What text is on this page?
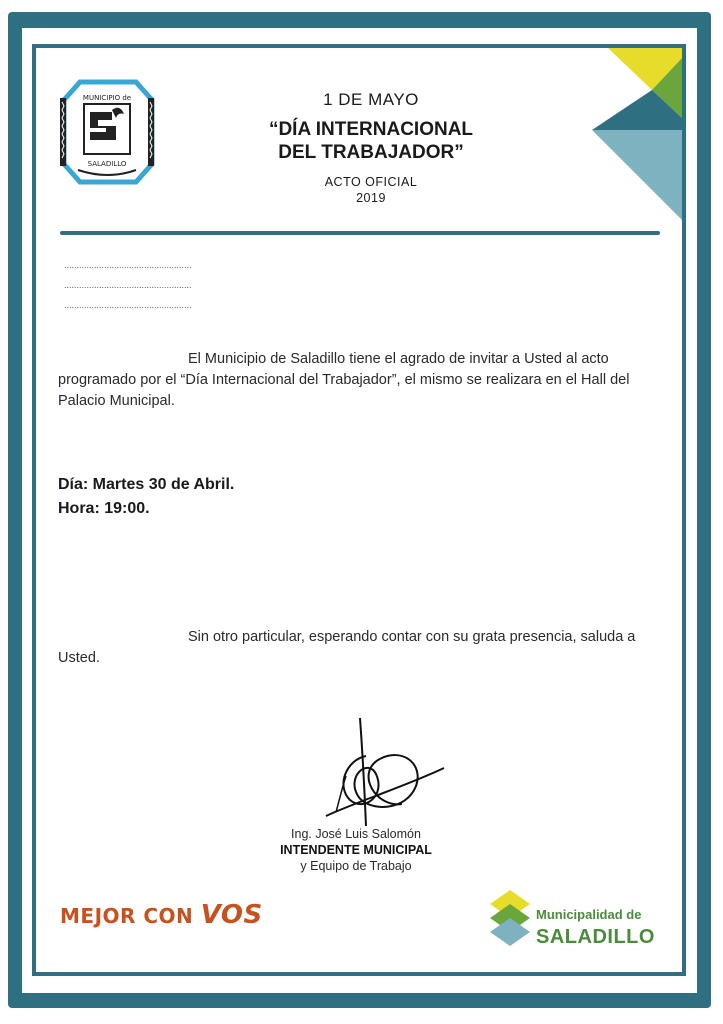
MUNICIPIO de
SALADILLO
1 DE MAYO
“DÍA INTERNACIONAL
DEL TRABAJADOR”
ACTO OFICIAL
2019
...................................................
...................................................
...................................................
El Municipio de Saladillo tiene el agrado de invitar a Usted al acto programado por el “Día Internacional del Trabajador”, el mismo se realizara en el Hall del Palacio Municipal.
Día: Martes 30 de Abril.
Hora: 19:00.
Sin otro particular, esperando contar con su grata presencia, saluda a Usted.
Ing. José Luis Salomón
INTENDENTE MUNICIPAL
y Equipo de Trabajo
MEJOR CON VOS	Municipalidad de
SALADILLO
